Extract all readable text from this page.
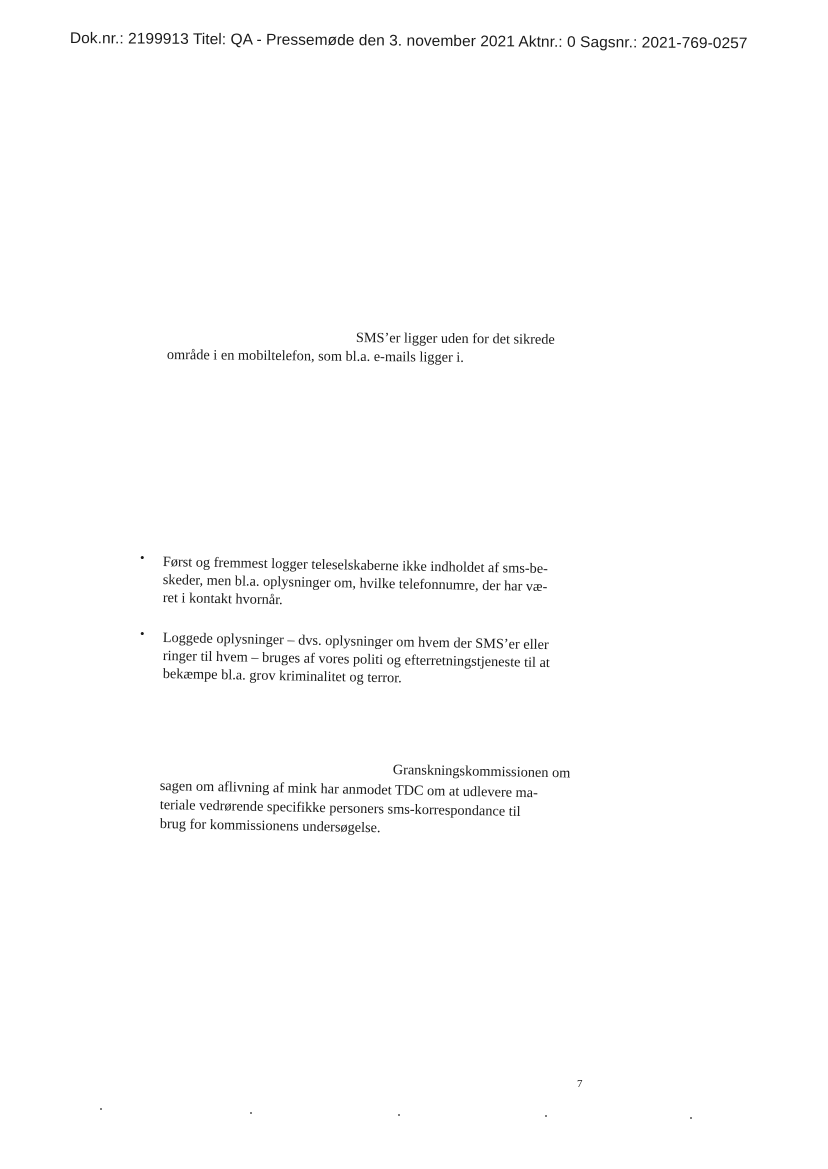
Dok.nr.: 2199913 Titel: QA - Pressemøde den 3. november 2021 Aktnr.: 0 Sagsnr.: 2021-769-0257
SMS’er ligger uden for det sikrede
område i en mobiltelefon, som bl.a. e-mails ligger i.
• Først og fremmest logger teleselskaberne ikke indholdet af sms-be-
skeder, men bl.a. oplysninger om, hvilke telefonnumre, der har væ-
ret i kontakt hvornår.
• Loggede oplysninger – dvs. oplysninger om hvem der SMS’er eller
ringer til hvem – bruges af vores politi og efterretningstjeneste til at
bekæmpe bl.a. grov kriminalitet og terror.
Granskningskommissionen om
sagen om aflivning af mink har anmodet TDC om at udlevere ma-
teriale vedrørende specifikke personers sms-korrespondance til
brug for kommissionens undersøgelse.
7
